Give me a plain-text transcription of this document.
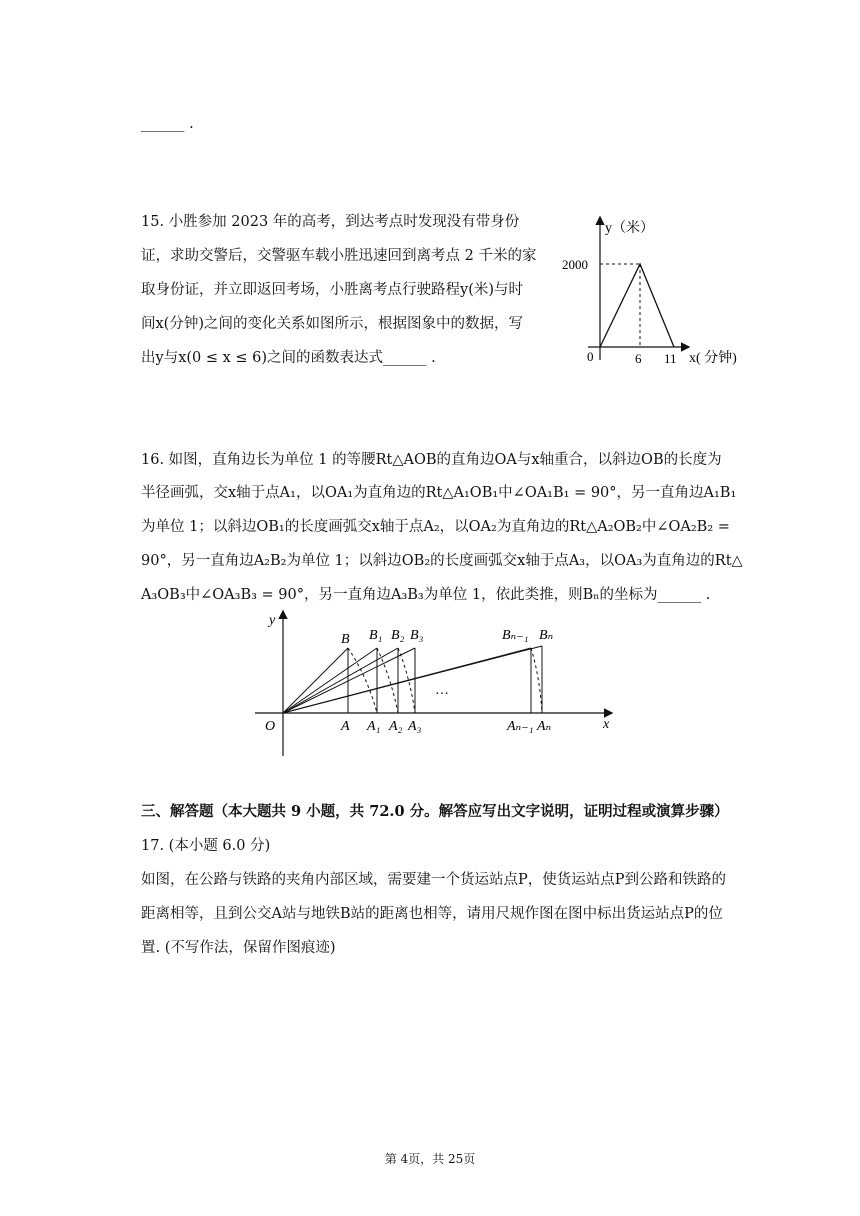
______ .
15. 小胜参加 2023 年的高考，到达考点时发现没有带身份
证，求助交警后，交警驱车载小胜迅速回到离考点 2 千米的家
取身份证，并立即返回考场，小胜离考点行驶路程y(米)与时
间x(分钟)之间的变化关系如图所示，根据图象中的数据，写
出y与x(0 ≤ x ≤ 6)之间的函数表达式______ .
y（米）
2000
0	6 11 x( 分钟)
16. 如图，直角边长为单位 1 的等腰Rt△AOB的直角边OA与x轴重合，以斜边OB的长度为
半径画弧，交x轴于点A₁，以OA₁为直角边的Rt△A₁OB₁中∠OA₁B₁ = 90°，另一直角边A₁B₁
为单位 1；以斜边OB₁的长度画弧交x轴于点A₂，以OA₂为直角边的Rt△A₂OB₂中∠OA₂B₂ =
90°，另一直角边A₂B₂为单位 1；以斜边OB₂的长度画弧交x轴于点A₃，以OA₃为直角边的Rt△
A₃OB₃中∠OA₃B₃ = 90°，另一直角边A₃B₃为单位 1，依此类推，则Bₙ的坐标为______ .
y
x
O
B B₁ B₂ B₃	Bₙ₋₁ Bₙ
A A₁ A₂ A₃	Aₙ₋₁ Aₙ
…
三、解答题（本大题共 9 小题，共 72.0 分。解答应写出文字说明，证明过程或演算步骤）
17. (本小题 6.0 分)
如图，在公路与铁路的夹角内部区域，需要建一个货运站点P，使货运站点P到公路和铁路的
距离相等，且到公交A站与地铁B站的距离也相等，请用尺规作图在图中标出货运站点P的位
置. (不写作法，保留作图痕迹)
第 4页，共 25页
